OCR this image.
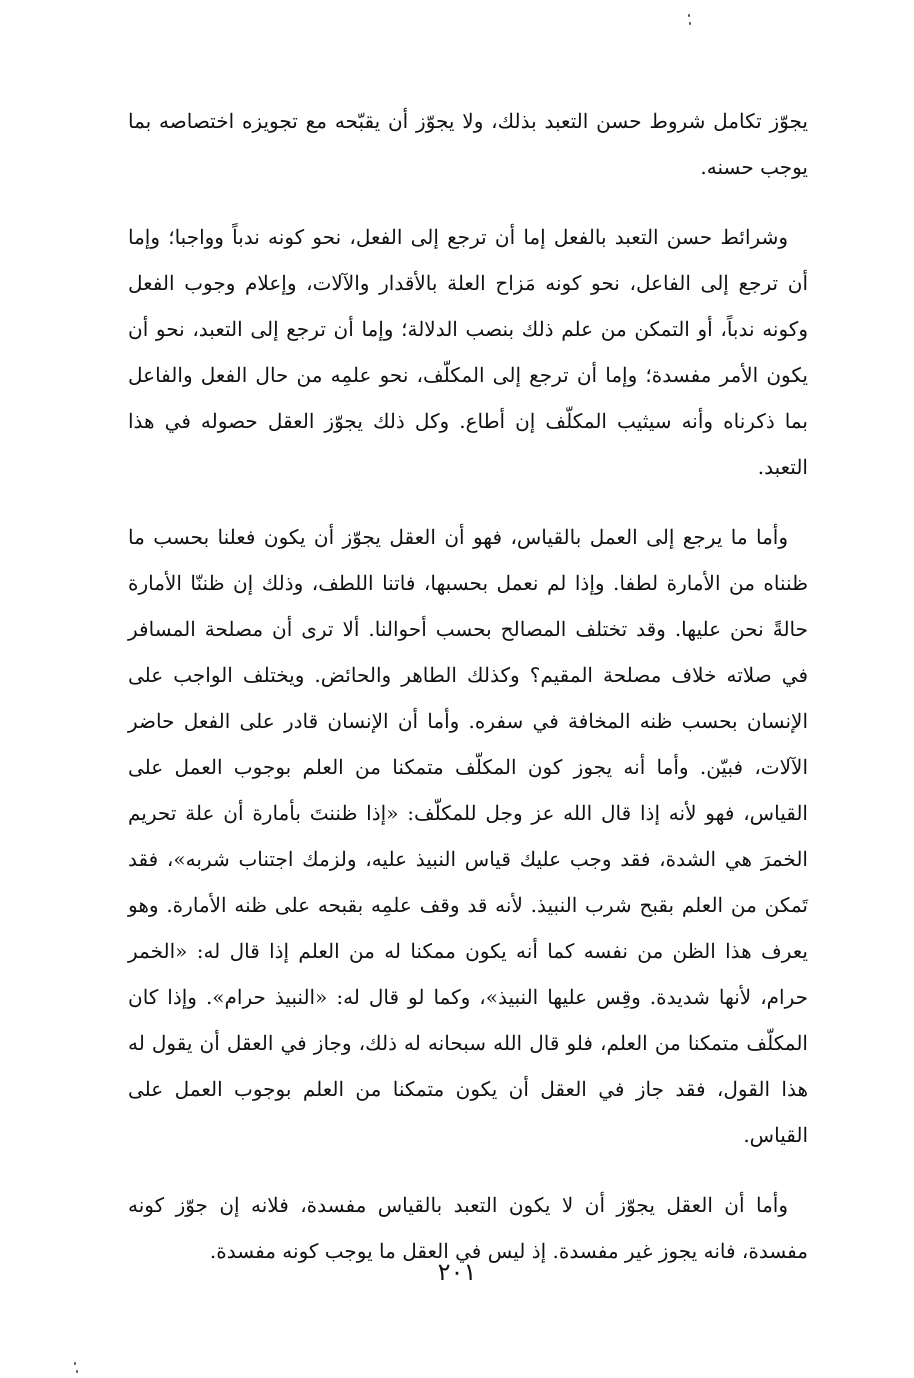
يجوّز تكامل شروط حسن التعبد بذلك، ولا يجوّز أن يقبّحه مع تجويزه اختصاصه بما يوجب حسنه.

وشرائط حسن التعبد بالفعل إما أن ترجع إلى الفعل، نحو كونه ندباً وواجبا؛ وإما أن ترجع إلى الفاعل، نحو كونه مَزاح العلة بالأقدار والآلات، وإعلام وجوب الفعل وكونه ندباً، أو التمكن من علم ذلك بنصب الدلالة؛ وإما أن ترجع إلى التعبد، نحو أن يكون الأمر مفسدة؛ وإما أن ترجع إلى المكلّف، نحو علمِه من حال الفعل والفاعل بما ذكرناه وأنه سيثيب المكلّف إن أطاع. وكل ذلك يجوّز العقل حصوله في هذا التعبد.

وأما ما يرجع إلى العمل بالقياس، فهو أن العقل يجوّز أن يكون فعلنا بحسب ما ظنناه من الأمارة لطفا. وإذا لم نعمل بحسبها، فاتنا اللطف، وذلك إن ظننّا الأمارة حالةً نحن عليها. وقد تختلف المصالح بحسب أحوالنا. ألا ترى أن مصلحة المسافر في صلاته خلاف مصلحة المقيم؟ وكذلك الطاهر والحائض. ويختلف الواجب على الإنسان بحسب ظنه المخافة في سفره. وأما أن الإنسان قادر على الفعل حاضر الآلات، فبيّن. وأما أنه يجوز كون المكلّف متمكنا من العلم بوجوب العمل على القياس، فهو لأنه إذا قال الله عز وجل للمكلّف: «إذا ظننتَ بأمارة أن علة تحريم الخمرَ هي الشدة، فقد وجب عليك قياس النبيذ عليه، ولزمك اجتناب شربه»، فقد تَمكن من العلم بقبح شرب النبيذ. لأنه قد وقف علمِه بقبحه على ظنه الأمارة. وهو يعرف هذا الظن من نفسه كما أنه يكون ممكنا له من العلم إذا قال له: «الخمر حرام، لأنها شديدة. وقِس عليها النبيذ»، وكما لو قال له: «النبيذ حرام». وإذا كان المكلّف متمكنا من العلم، فلو قال الله سبحانه له ذلك، وجاز في العقل أن يقول له هذا القول، فقد جاز في العقل أن يكون متمكنا من العلم بوجوب العمل على القياس.

وأما أن العقل يجوّز أن لا يكون التعبد بالقياس مفسدة، فلانه إن جوّز كونه مفسدة، فانه يجوز غير مفسدة. إذ ليس في العقل ما يوجب كونه مفسدة.

٢٠١
